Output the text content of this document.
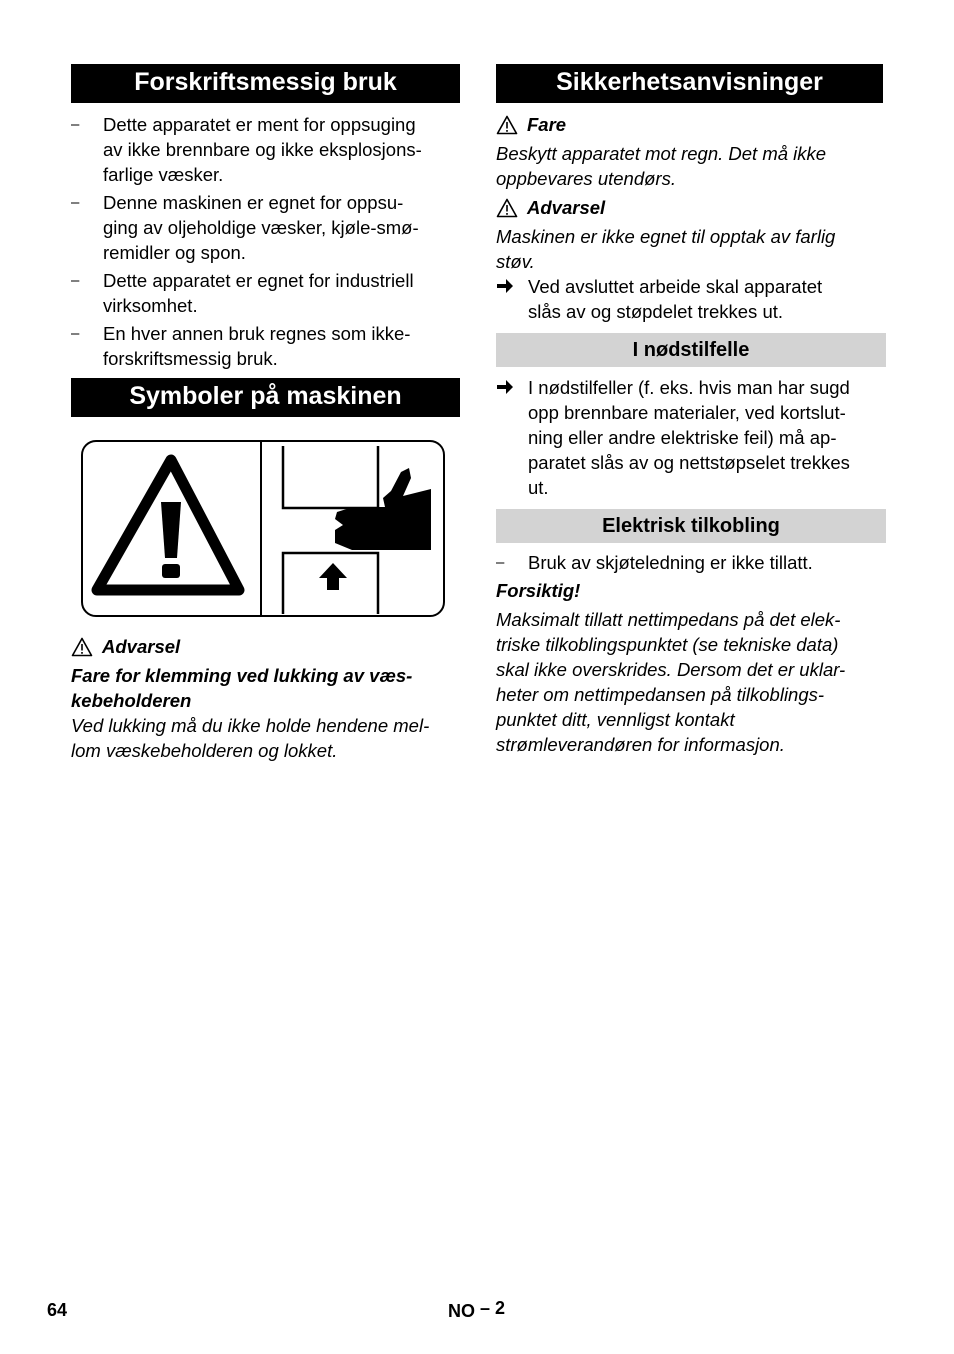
Forskriftsmessig bruk
– Dette apparatet er ment for oppsuging
av ikke brennbare og ikke eksplosjons-
farlige væsker.
– Denne maskinen er egnet for oppsu-
ging av oljeholdige væsker, kjøle-smø-
remidler og spon.
– Dette apparatet er egnet for industriell
virksomhet.
– En hver annen bruk regnes som ikke-
forskriftsmessig bruk.
Symboler på maskinen
Advarsel
Fare for klemming ved lukking av væs-
kebeholderen
Ved lukking må du ikke holde hendene mel-
lom væskebeholderen og lokket.
Sikkerhetsanvisninger
Fare
Beskytt apparatet mot regn. Det må ikke
oppbevares utendørs.
Advarsel
Maskinen er ikke egnet til opptak av farlig
støv.
Ved avsluttet arbeide skal apparatet
slås av og støpdelet trekkes ut.
I nødstilfelle
I nødstilfeller (f. eks. hvis man har sugd
opp brennbare materialer, ved kortslut-
ning eller andre elektriske feil) må ap-
paratet slås av og nettstøpselet trekkes
ut.
Elektrisk tilkobling
– Bruk av skjøteledning er ikke tillatt.
Forsiktig!
Maksimalt tillatt nettimpedans på det elek-
triske tilkoblingspunktet (se tekniske data)
skal ikke overskrides. Dersom det er uklar-
heter om nettimpedansen på tilkoblings-
punktet ditt, vennligst kontakt
strømleverandøren for informasjon.
64	NO – 2
